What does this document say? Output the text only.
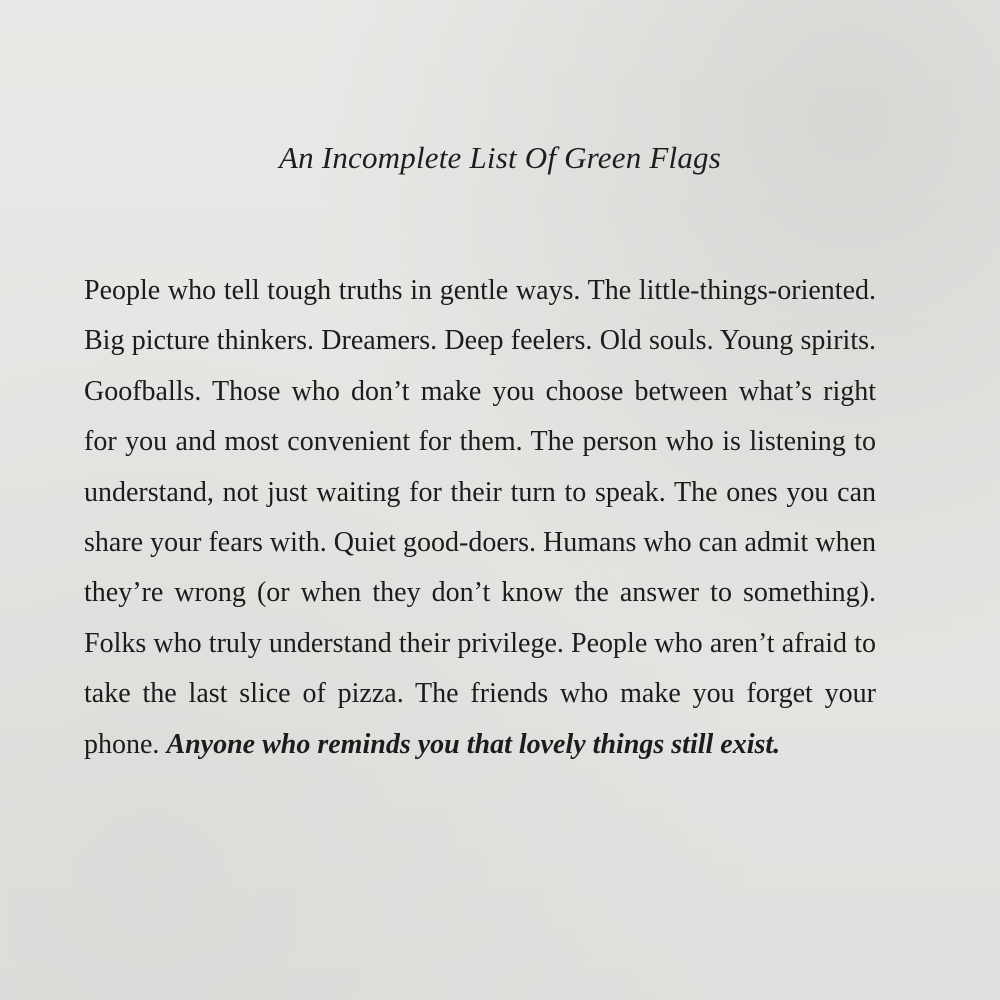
An Incomplete List Of Green Flags

People who tell tough truths in gentle ways. The little-things-oriented. Big picture thinkers. Dreamers. Deep feelers. Old souls. Young spirits. Goofballs. Those who don’t make you choose between what’s right for you and most convenient for them. The person who is listening to understand, not just waiting for their turn to speak. The ones you can share your fears with. Quiet good-doers. Humans who can admit when they’re wrong (or when they don’t know the answer to something). Folks who truly understand their privilege. People who aren’t afraid to take the last slice of pizza. The friends who make you forget your phone. Anyone who reminds you that lovely things still exist.
